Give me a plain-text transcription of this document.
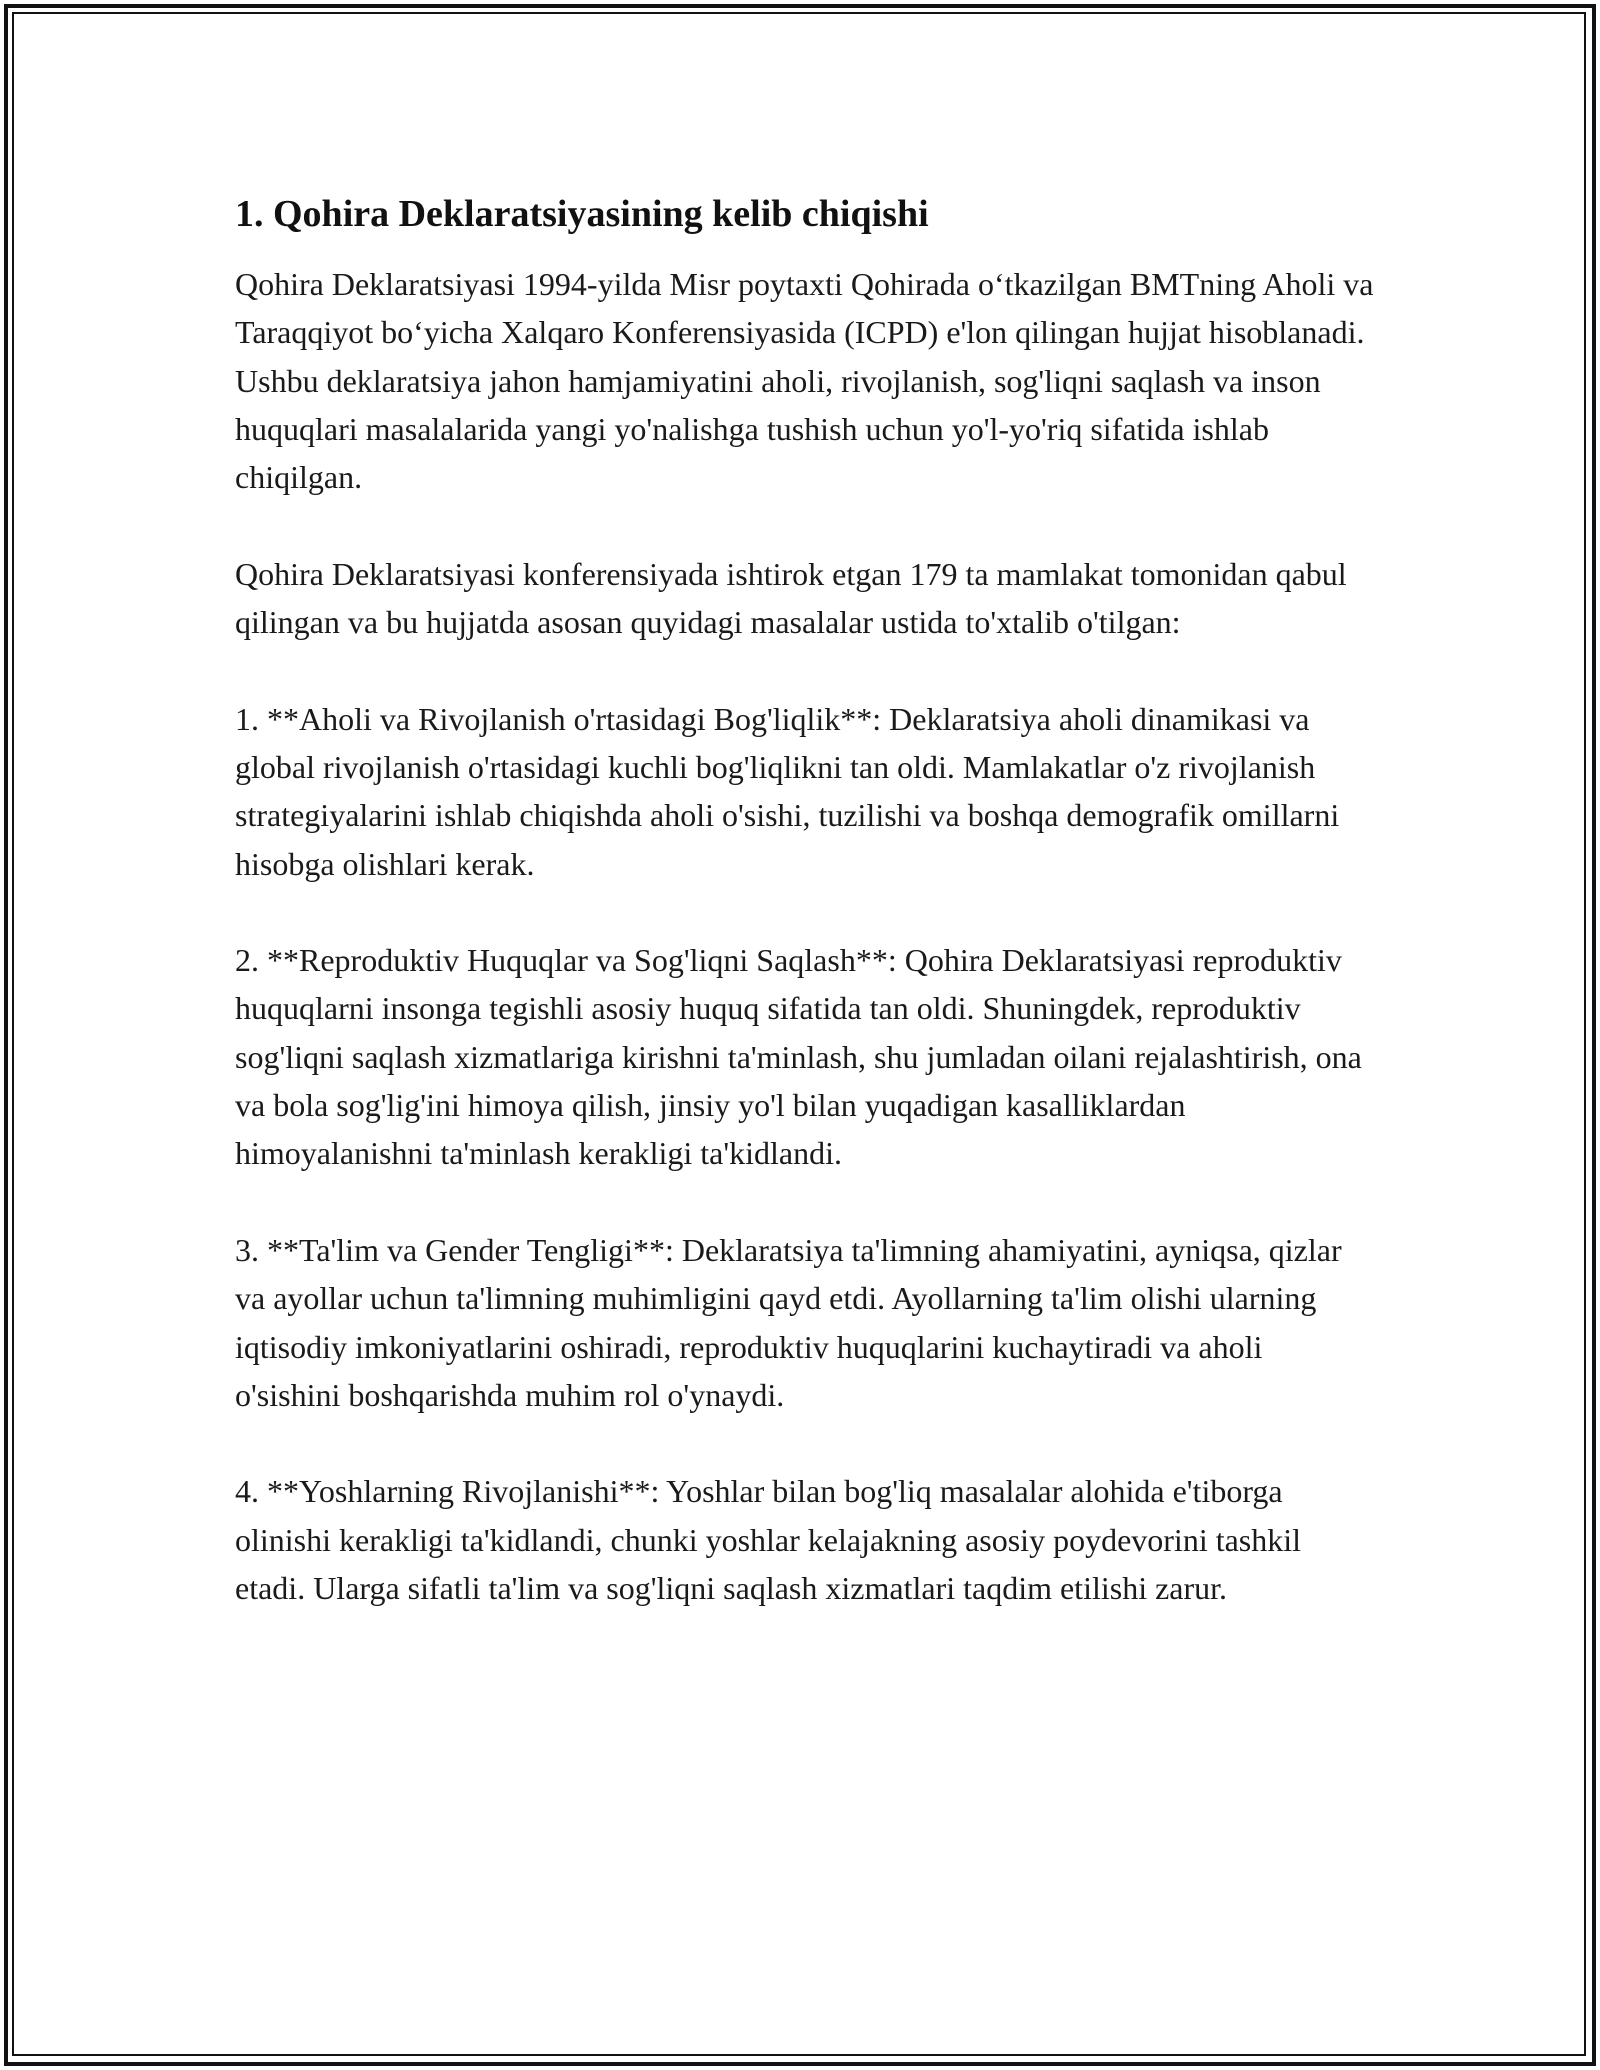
1. Qohira Deklaratsiyasining kelib chiqishi

Qohira Deklaratsiyasi 1994-yilda Misr poytaxti Qohirada o‘tkazilgan BMTning Aholi va Taraqqiyot bo‘yicha Xalqaro Konferensiyasida (ICPD) e'lon qilingan hujjat hisoblanadi. Ushbu deklaratsiya jahon hamjamiyatini aholi, rivojlanish, sog'liqni saqlash va inson huquqlari masalalarida yangi yo'nalishga tushish uchun yo'l-yo'riq sifatida ishlab chiqilgan.

Qohira Deklaratsiyasi konferensiyada ishtirok etgan 179 ta mamlakat tomonidan qabul qilingan va bu hujjatda asosan quyidagi masalalar ustida to'xtalib o'tilgan:

1. **Aholi va Rivojlanish o'rtasidagi Bog'liqlik**: Deklaratsiya aholi dinamikasi va global rivojlanish o'rtasidagi kuchli bog'liqlikni tan oldi. Mamlakatlar o'z rivojlanish strategiyalarini ishlab chiqishda aholi o'sishi, tuzilishi va boshqa demografik omillarni hisobga olishlari kerak.

2. **Reproduktiv Huquqlar va Sog'liqni Saqlash**: Qohira Deklaratsiyasi reproduktiv huquqlarni insonga tegishli asosiy huquq sifatida tan oldi. Shuningdek, reproduktiv sog'liqni saqlash xizmatlariga kirishni ta'minlash, shu jumladan oilani rejalashtirish, ona va bola sog'lig'ini himoya qilish, jinsiy yo'l bilan yuqadigan kasalliklardan himoyalanishni ta'minlash kerakligi ta'kidlandi.

3. **Ta'lim va Gender Tengligi**: Deklaratsiya ta'limning ahamiyatini, ayniqsa, qizlar va ayollar uchun ta'limning muhimligini qayd etdi. Ayollarning ta'lim olishi ularning iqtisodiy imkoniyatlarini oshiradi, reproduktiv huquqlarini kuchaytiradi va aholi o'sishini boshqarishda muhim rol o'ynaydi.

4. **Yoshlarning Rivojlanishi**: Yoshlar bilan bog'liq masalalar alohida e'tiborga olinishi kerakligi ta'kidlandi, chunki yoshlar kelajakning asosiy poydevorini tashkil etadi. Ularga sifatli ta'lim va sog'liqni saqlash xizmatlari taqdim etilishi zarur.
